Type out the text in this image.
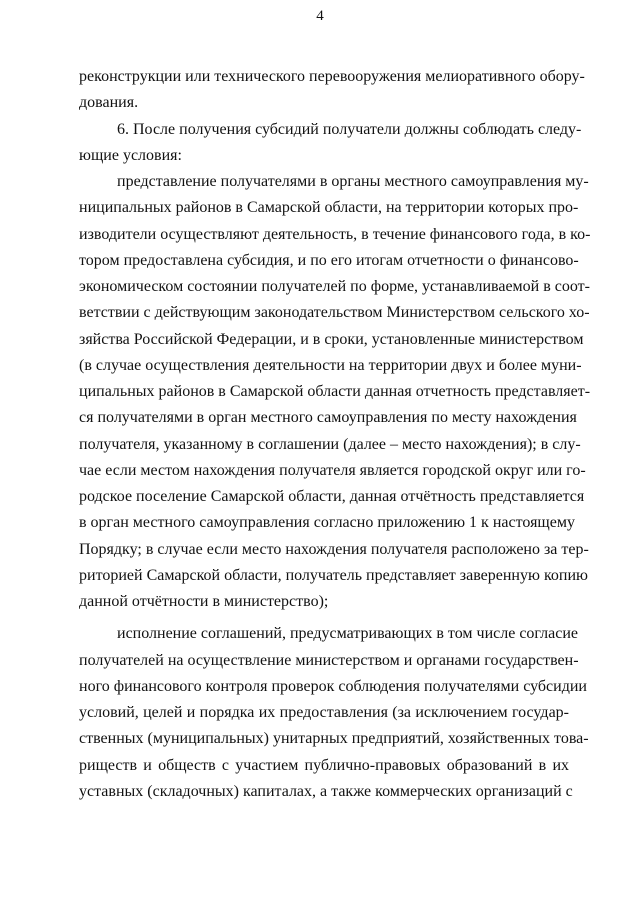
4
реконструкции или технического перевооружения мелиоративного обору-
дования.
6. После получения субсидий получатели должны соблюдать следу-
ющие условия:
представление получателями в органы местного самоуправления му-
ниципальных районов в Самарской области, на территории которых про-
изводители осуществляют деятельность, в течение финансового года, в ко-
тором предоставлена субсидия, и по его итогам отчетности о финансово-
экономическом состоянии получателей по форме, устанавливаемой в соот-
ветствии с действующим законодательством Министерством сельского хо-
зяйства Российской Федерации, и в сроки, установленные министерством
(в случае осуществления деятельности на территории двух и более муни-
ципальных районов в Самарской области данная отчетность представляет-
ся получателями в орган местного самоуправления по месту нахождения
получателя, указанному в соглашении (далее – место нахождения); в слу-
чае если местом нахождения получателя является городской округ или го-
родское поселение Самарской области, данная отчётность представляется
в орган местного самоуправления согласно приложению 1 к настоящему
Порядку; в случае если место нахождения получателя расположено за тер-
риторией Самарской области, получатель представляет заверенную копию
данной отчётности в министерство);
исполнение соглашений, предусматривающих в том числе согласие
получателей на осуществление министерством и органами государствен-
ного финансового контроля проверок соблюдения получателями субсидии
условий, целей и порядка их предоставления (за исключением государ-
ственных (муниципальных) унитарных предприятий, хозяйственных това-
риществ и обществ с участием публично-правовых образований в их
уставных (складочных) капиталах, а также коммерческих организаций с
